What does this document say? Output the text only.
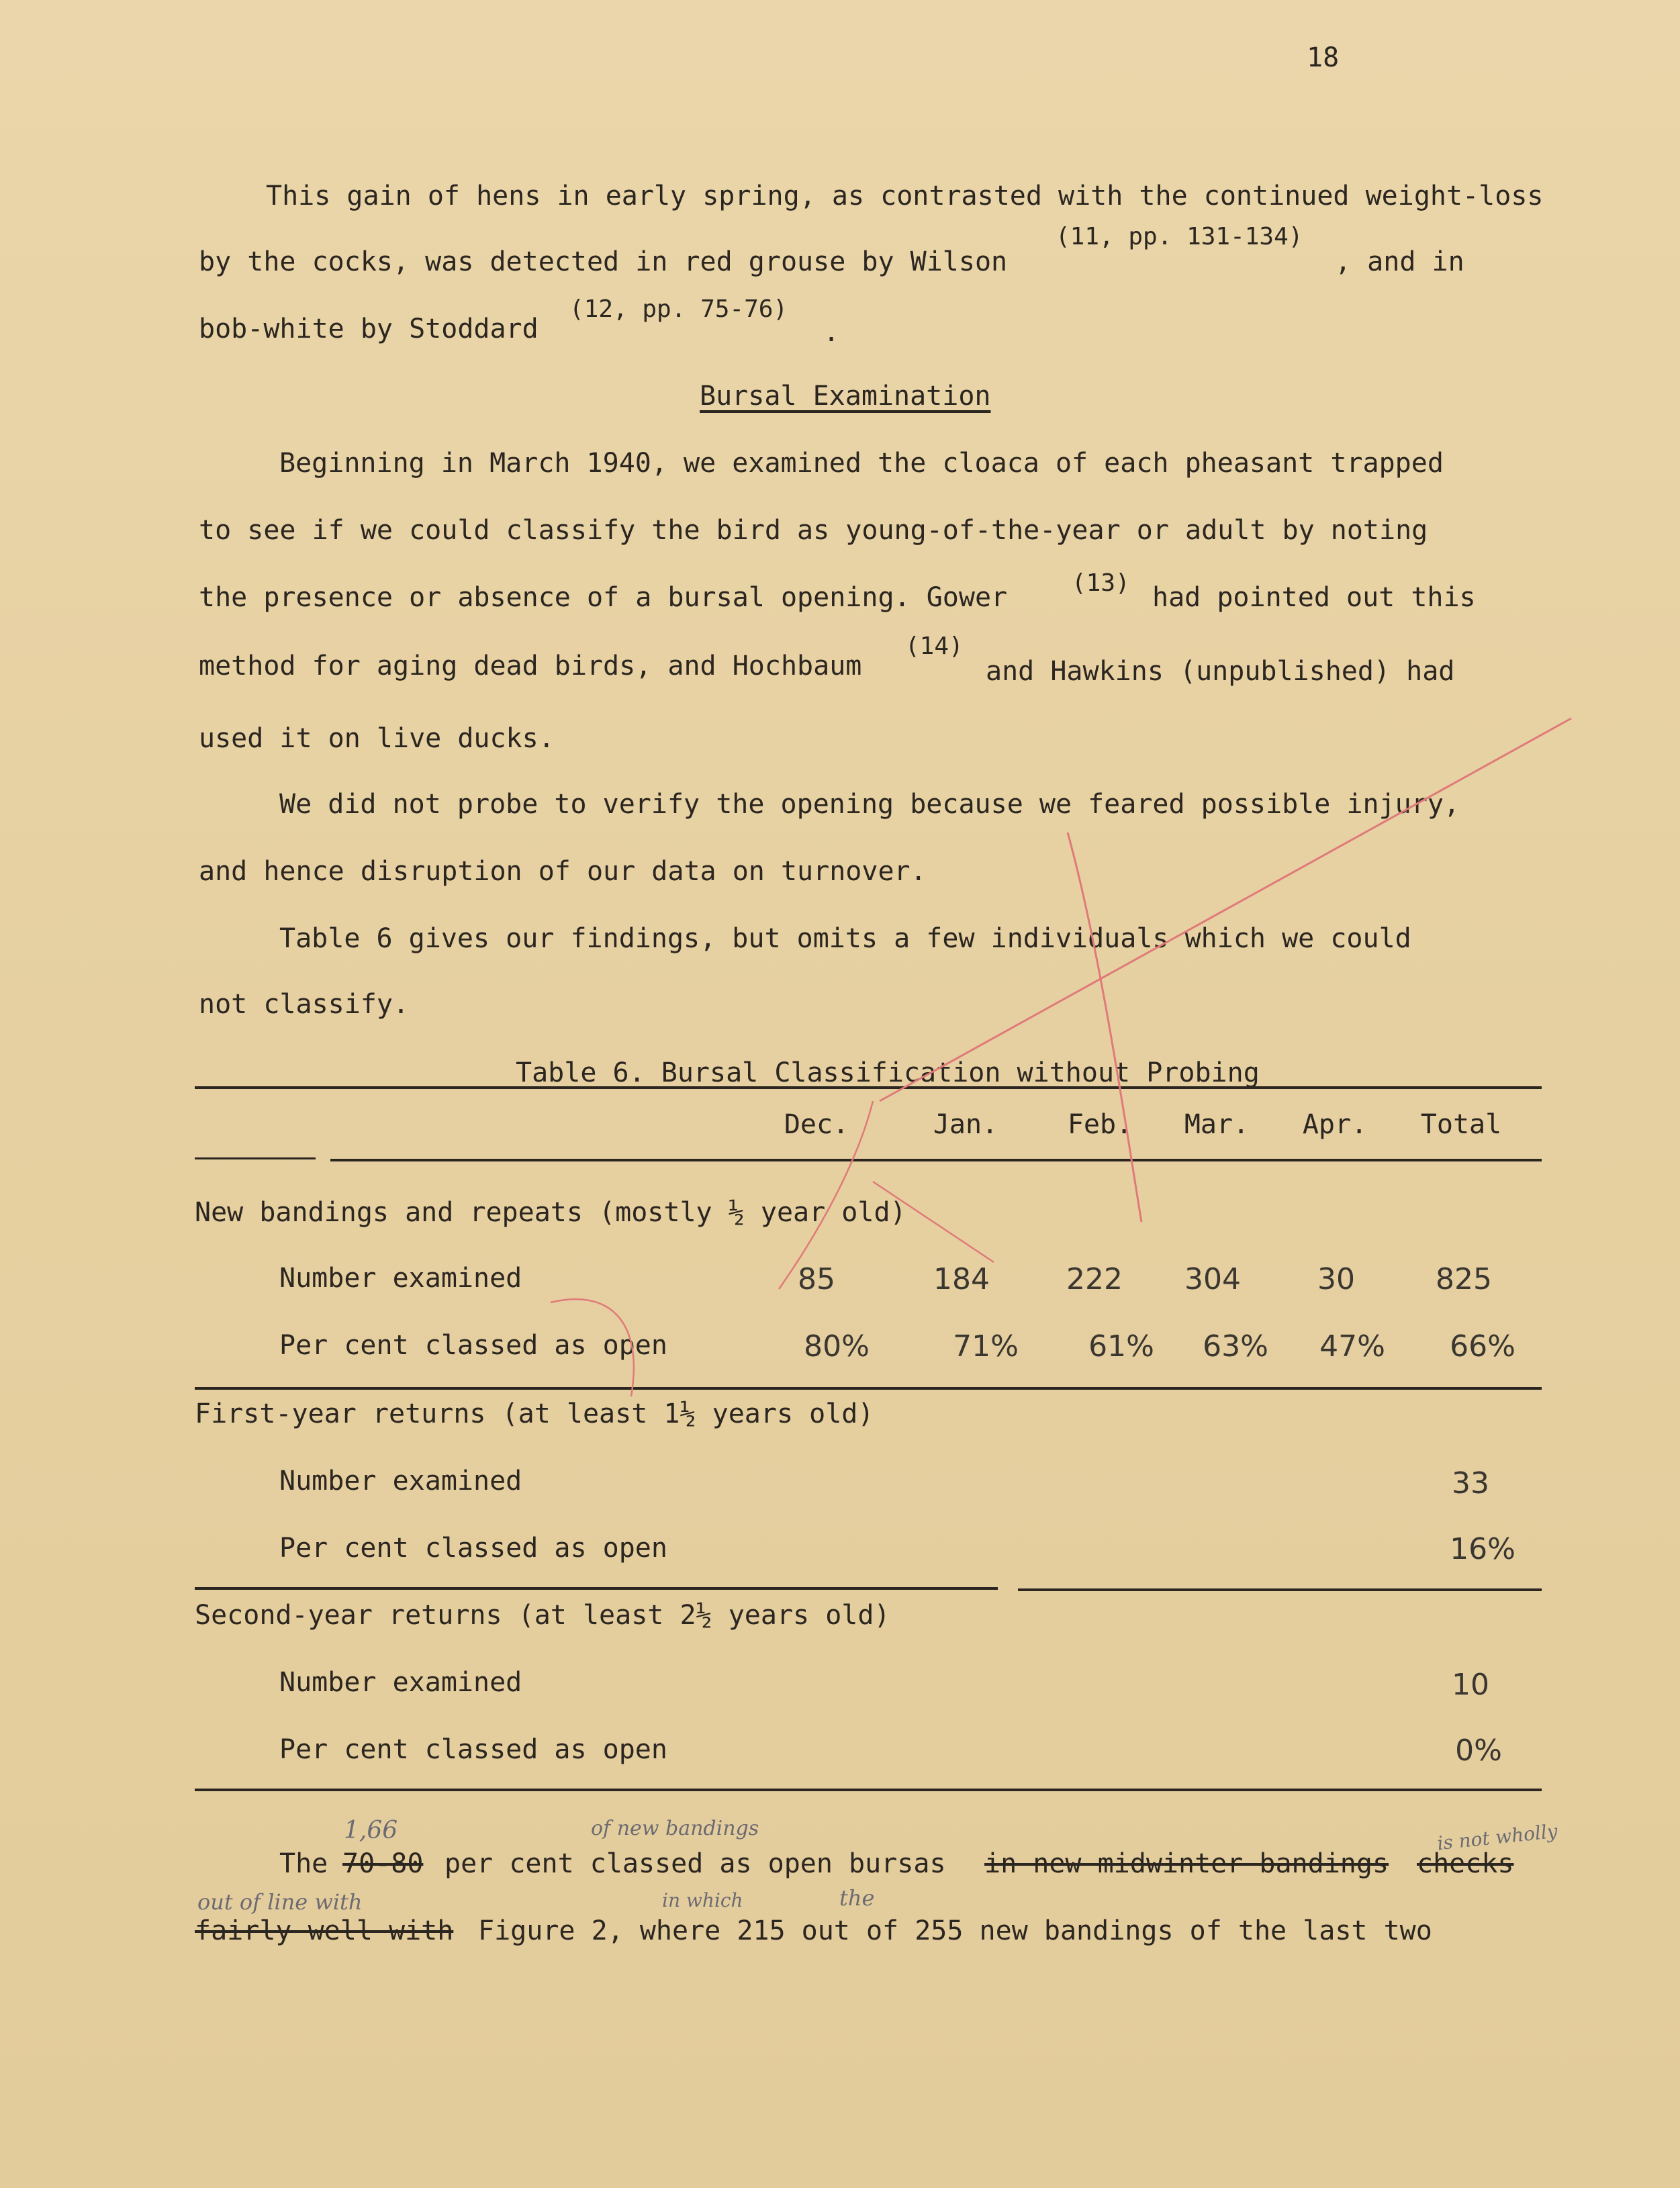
18
This gain of hens in early spring, as contrasted with the continued weight-loss
by the cocks, was detected in red grouse by Wilson
(11, pp. 131-134)
, and in
bob-white by Stoddard
(12, pp. 75-76)
.
Bursal Examination
Beginning in March 1940, we examined the cloaca of each pheasant trapped
to see if we could classify the bird as young-of-the-year or adult by noting
the presence or absence of a bursal opening. Gower	(13) had pointed out this
method for aging dead birds, and Hochbaum
(14)
and Hawkins (unpublished) had
used it on live ducks.
We did not probe to verify the opening because we feared possible injury,
and hence disruption of our data on turnover.
Table 6 gives our findings, but omits a few individuals which we could
not classify.
Table 6. Bursal Classification without Probing
Dec.	Jan.	Feb.	Mar.	Apr.	Total
New bandings and repeats (mostly ½ year old)
Number examined	85	184	222	304	30	825
Per cent classed as open	80%	71%	61%	63%	47%	66%
First-year returns (at least 1½ years old)
Number examined	33
Per cent classed as open	16%
Second-year returns (at least 2½ years old)
Number examined	10
Per cent classed as open	0%
The 70-80 per cent classed as open bursas in new midwinter bandings checks
fairly well with Figure 2, where 215 out of 255 new bandings of the last two
1,66	of new bandings	is not wholly
out of line with	in which	the
